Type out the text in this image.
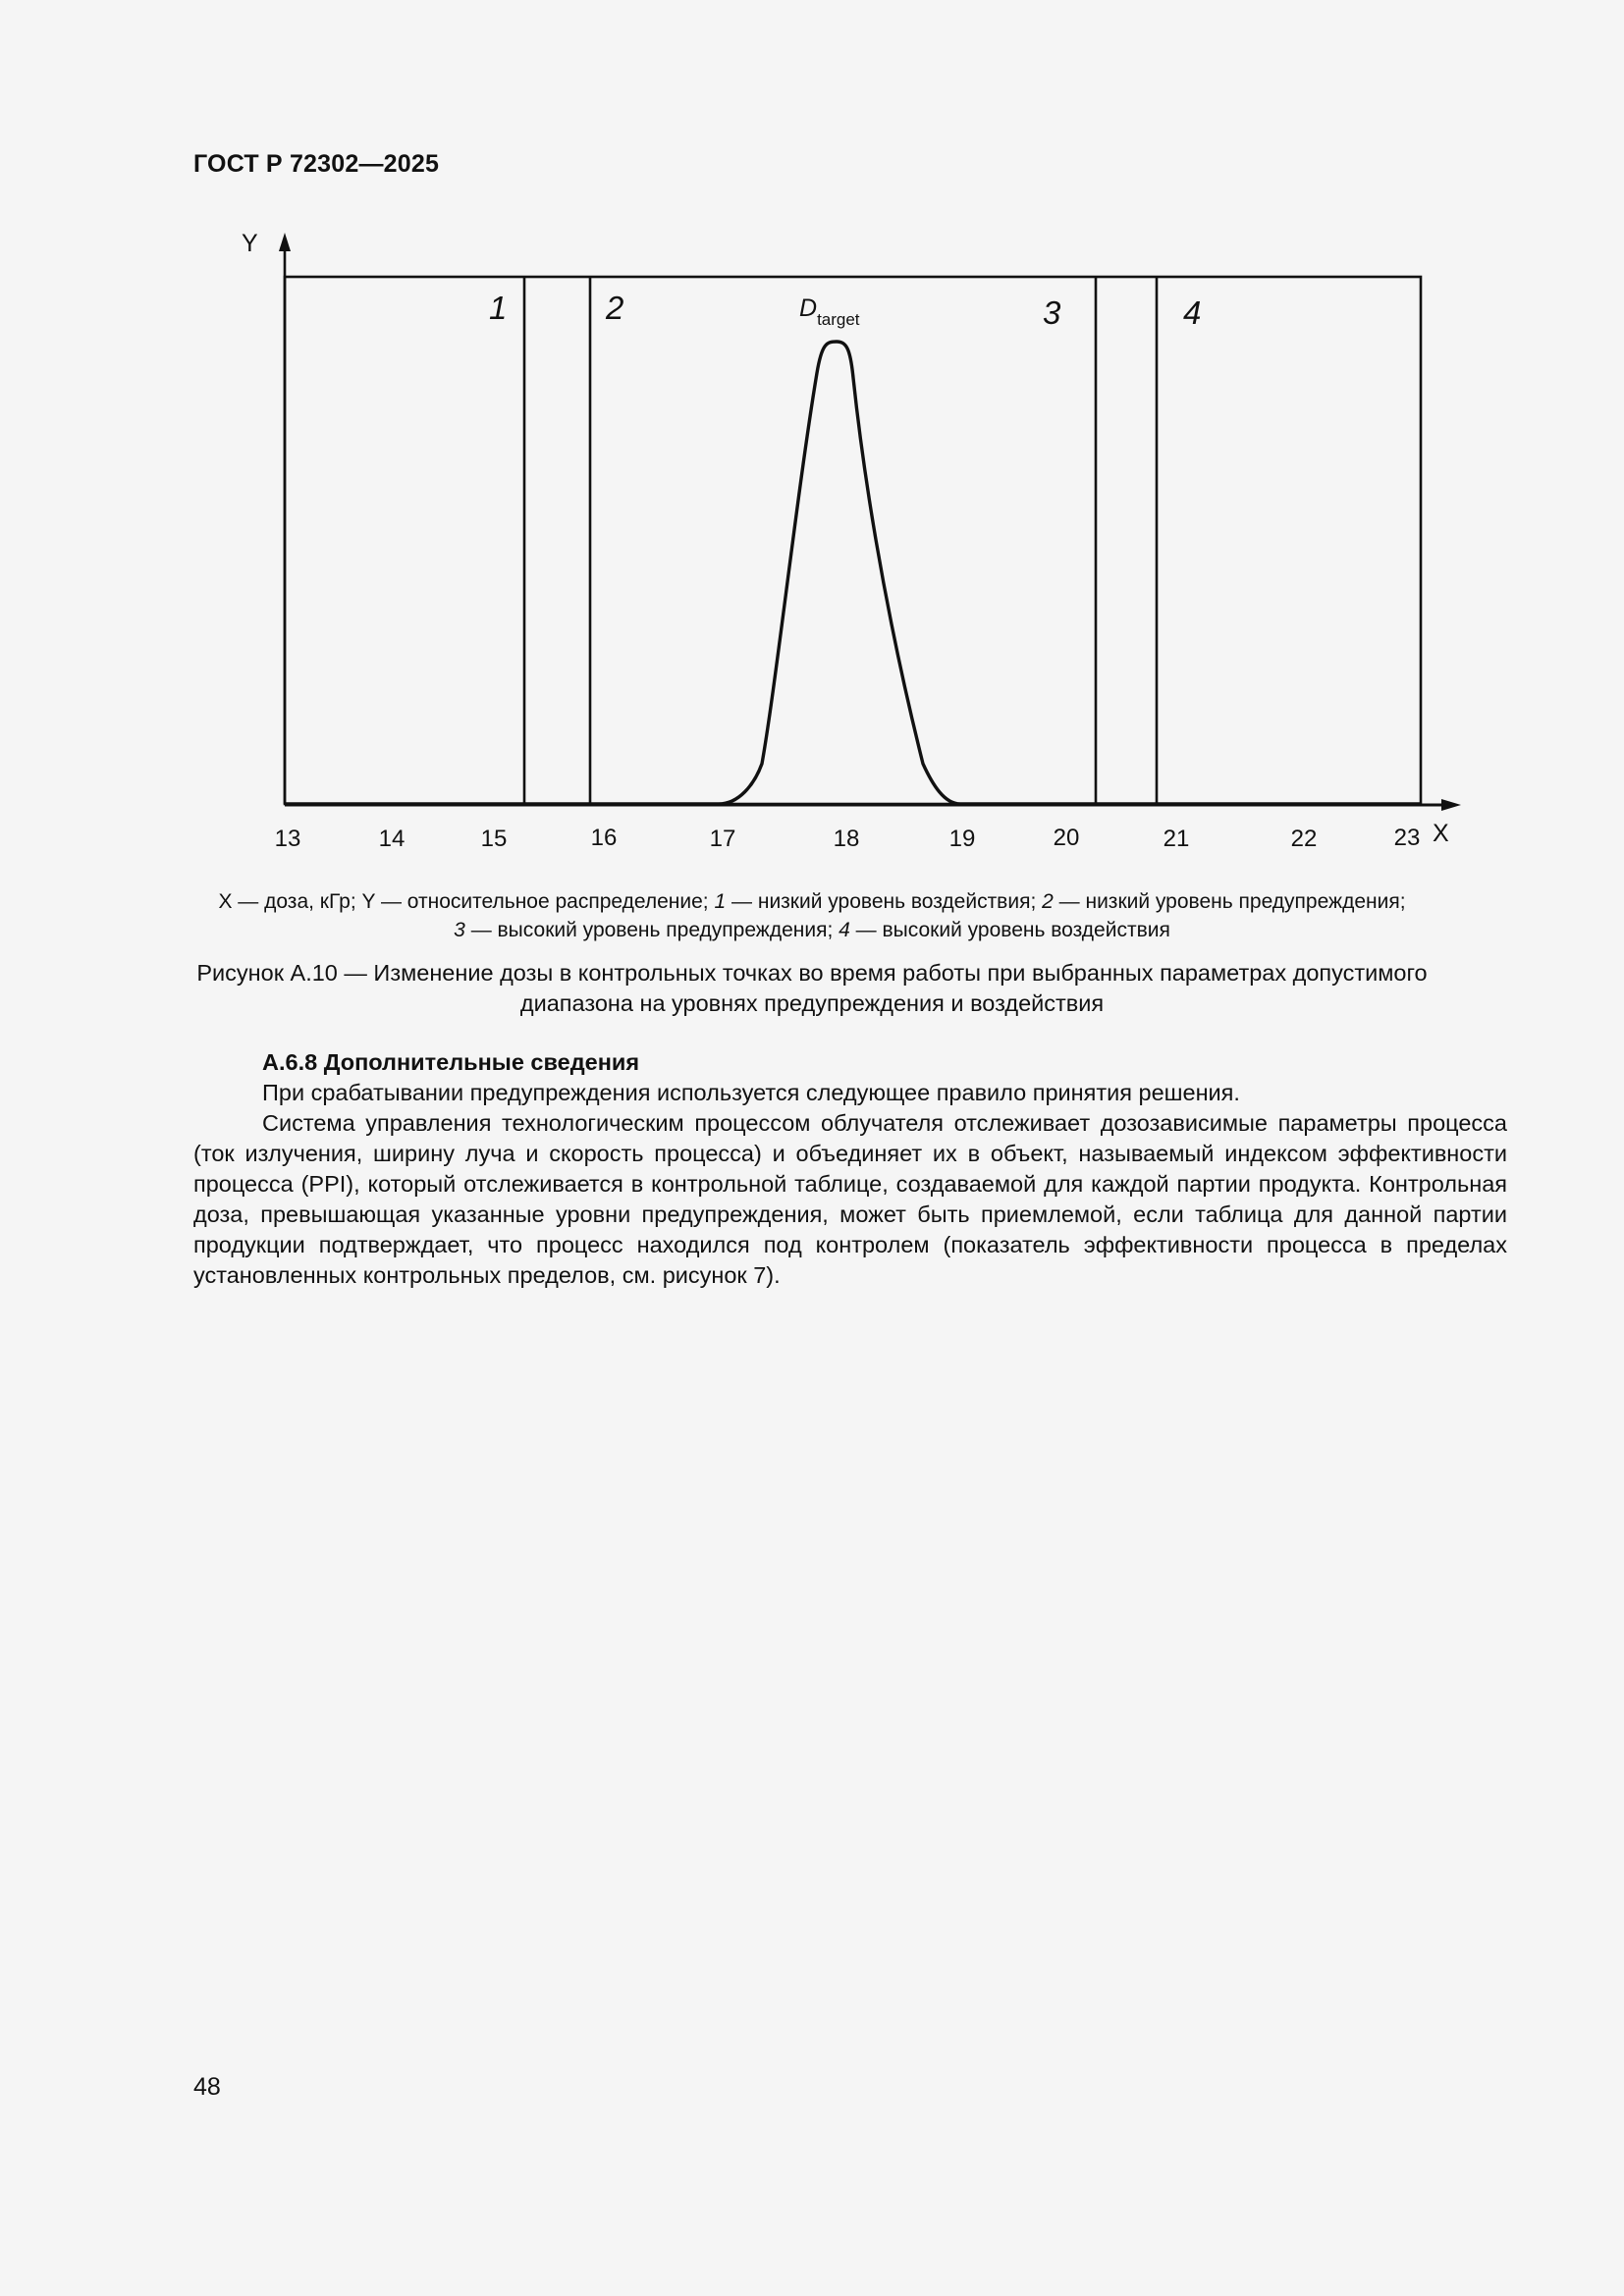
ГОСТ Р 72302—2025
Y
X
1	2	3	4
Dtarget
13	14	15	16	17	18	19	20	21	22	23
X — доза, кГр; Y — относительное распределение; 1 — низкий уровень воздействия; 2 — низкий уровень предупреждения;
3 — высокий уровень предупреждения; 4 — высокий уровень воздействия
Рисунок А.10 — Изменение дозы в контрольных точках во время работы при выбранных параметрах допустимого диапазона на уровнях предупреждения и воздействия

А.6.8 Дополнительные сведения

При срабатывании предупреждения используется следующее правило принятия решения.

Система управления технологическим процессом облучателя отслеживает дозозависимые параметры процесса (ток излучения, ширину луча и скорость процесса) и объединяет их в объект, называемый индексом эффективности процесса (PPI), который отслеживается в контрольной таблице, создаваемой для каждой партии продукта. Контрольная доза, превышающая указанные уровни предупреждения, может быть приемлемой, если таблица для данной партии продукции подтверждает, что процесс находился под контролем (показатель эффективности процесса в пределах установленных контрольных пределов, см. рисунок 7).

48
